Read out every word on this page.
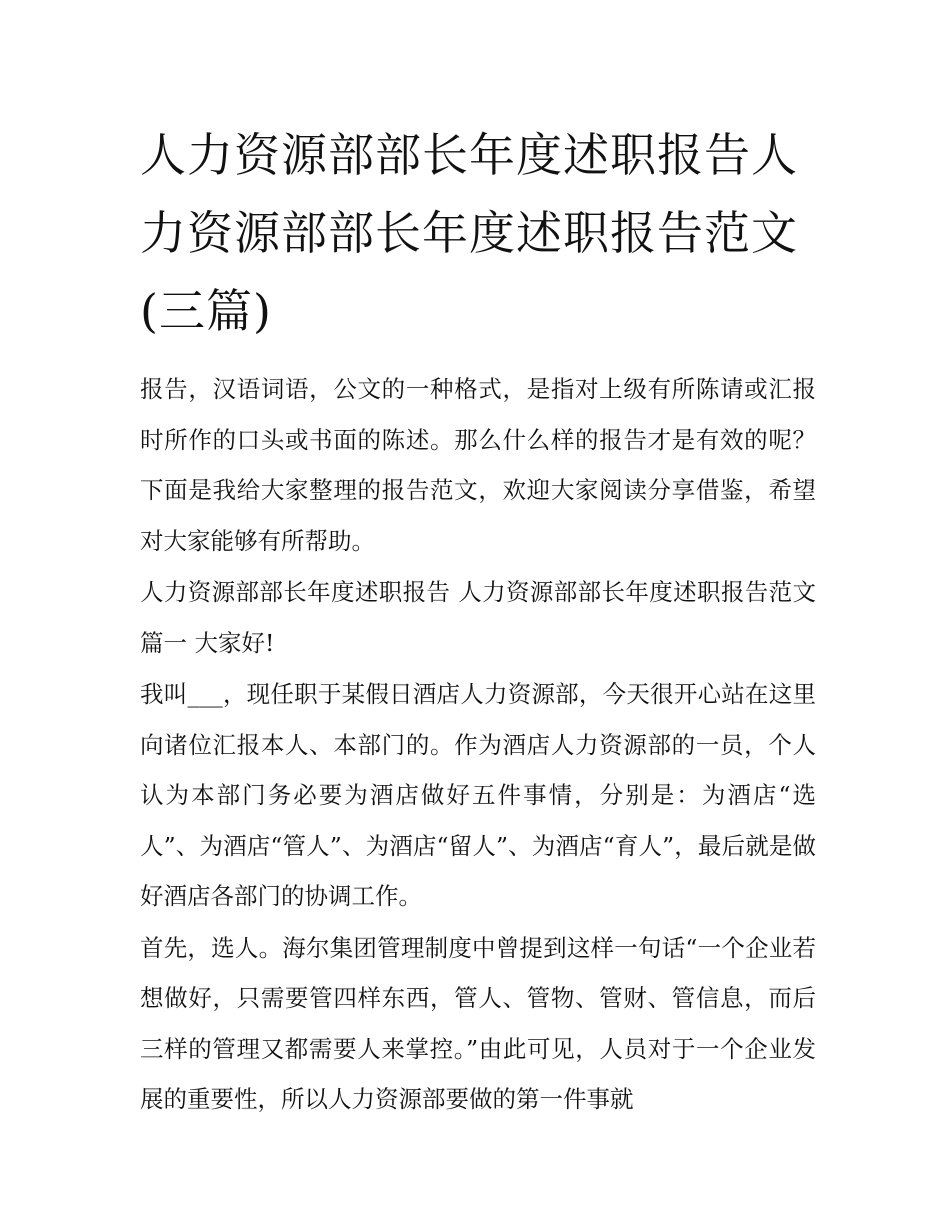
人力资源部部长年度述职报告人力资源部部长年度述职报告范文(三篇)

报告，汉语词语，公文的一种格式，是指对上级有所陈请或汇报时所作的口头或书面的陈述。那么什么样的报告才是有效的呢？下面是我给大家整理的报告范文，欢迎大家阅读分享借鉴，希望对大家能够有所帮助。

人力资源部部长年度述职报告 人力资源部部长年度述职报告范文篇一 大家好!

我叫___，现任职于某假日酒店人力资源部，今天很开心站在这里向诸位汇报本人、本部门的。作为酒店人力资源部的一员，个人认为本部门务必要为酒店做好五件事情，分别是：为酒店“选人”、为酒店“管人”、为酒店“留人”、为酒店“育人”，最后就是做好酒店各部门的协调工作。

首先，选人。海尔集团管理制度中曾提到这样一句话“一个企业若想做好，只需要管四样东西，管人、管物、管财、管信息，而后三样的管理又都需要人来掌控。”由此可见，人员对于一个企业发展的重要性，所以人力资源部要做的第一件事就
